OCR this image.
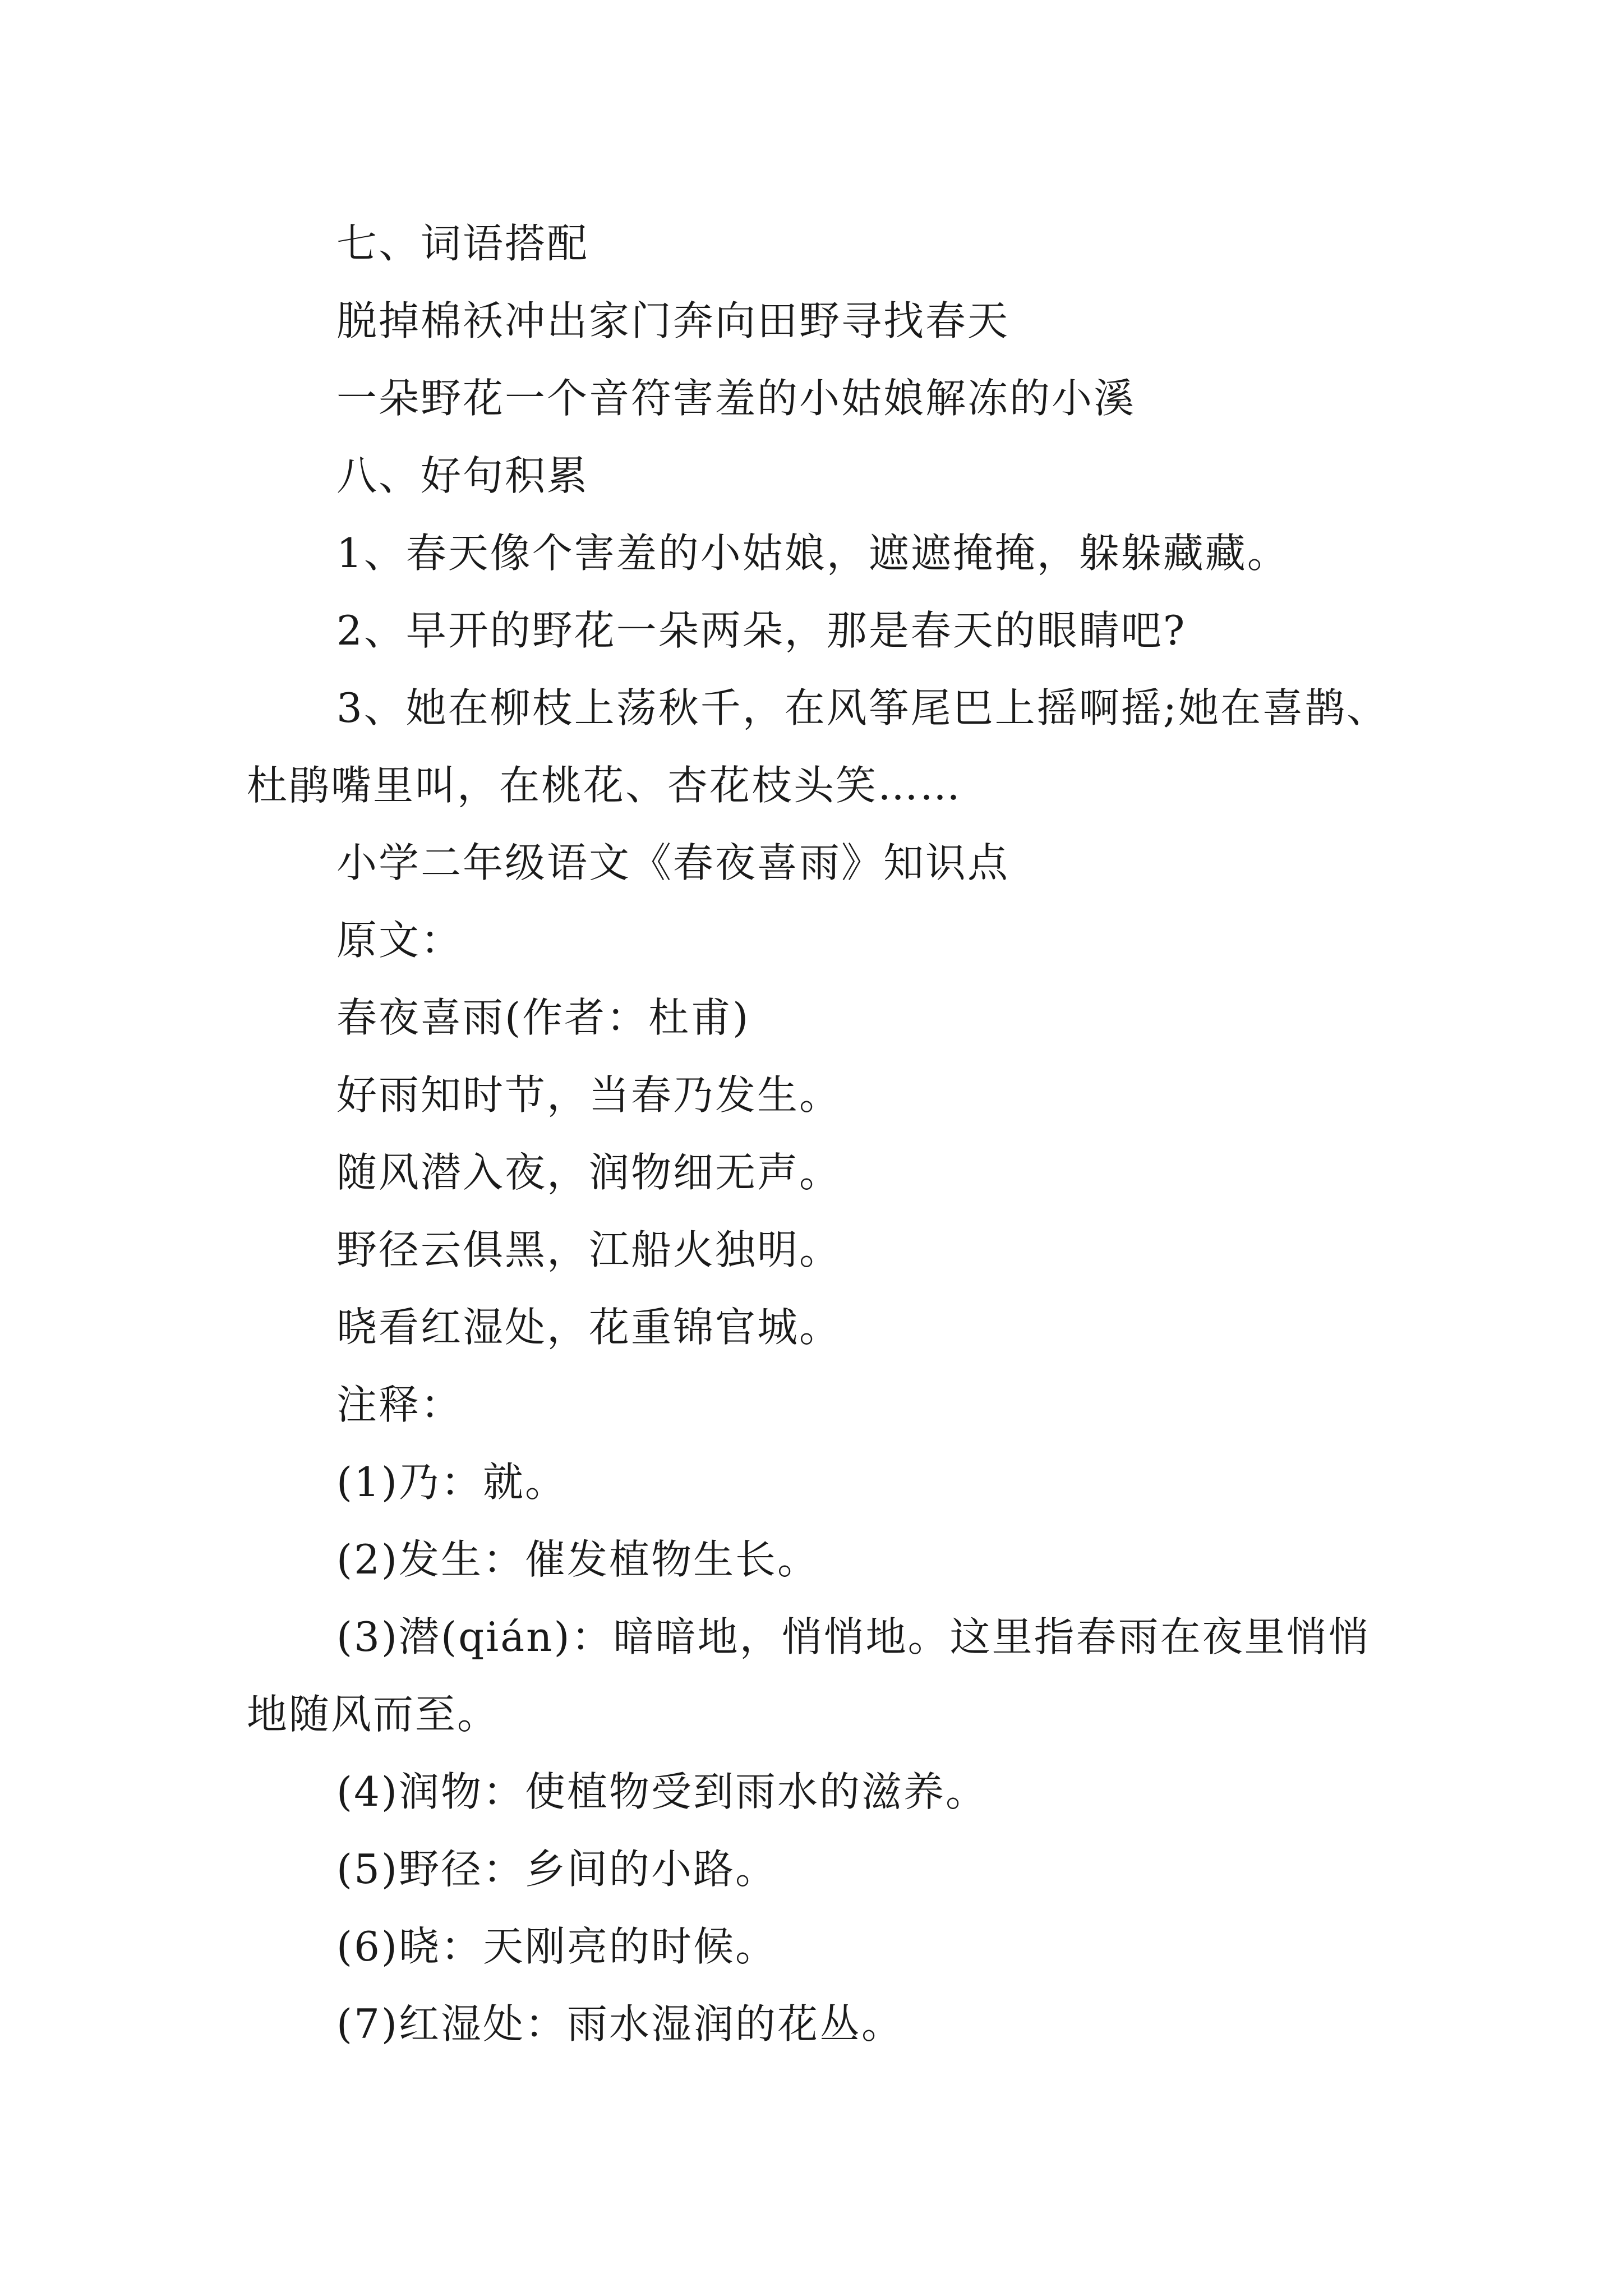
七、词语搭配

脱掉棉袄冲出家门奔向田野寻找春天

一朵野花一个音符害羞的小姑娘解冻的小溪

八、好句积累

1、春天像个害羞的小姑娘，遮遮掩掩，躲躲藏藏。

2、早开的野花一朵两朵，那是春天的眼睛吧?

3、她在柳枝上荡秋千，在风筝尾巴上摇啊摇;她在喜鹊、杜鹃嘴里叫，在桃花、杏花枝头笑……

小学二年级语文《春夜喜雨》知识点

原文：

春夜喜雨(作者：杜甫)

好雨知时节，当春乃发生。

随风潜入夜，润物细无声。

野径云俱黑，江船火独明。

晓看红湿处，花重锦官城。

注释：

(1)乃：就。

(2)发生：催发植物生长。

(3)潜(qián)：暗暗地，悄悄地。这里指春雨在夜里悄悄地随风而至。

(4)润物：使植物受到雨水的滋养。

(5)野径：乡间的小路。

(6)晓：天刚亮的时候。

(7)红湿处：雨水湿润的花丛。
